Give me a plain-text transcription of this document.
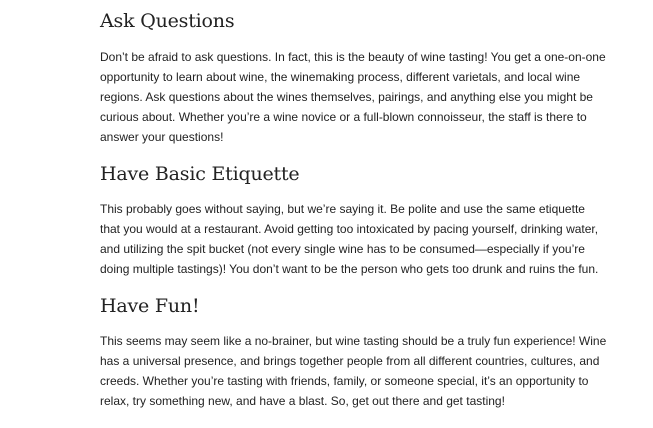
Ask Questions

Don’t be afraid to ask questions. In fact, this is the beauty of wine tasting! You get a one-on-one
opportunity to learn about wine, the winemaking process, different varietals, and local wine
regions. Ask questions about the wines themselves, pairings, and anything else you might be
curious about. Whether you’re a wine novice or a full-blown connoisseur, the staff is there to
answer your questions!

Have Basic Etiquette

This probably goes without saying, but we’re saying it. Be polite and use the same etiquette
that you would at a restaurant. Avoid getting too intoxicated by pacing yourself, drinking water,
and utilizing the spit bucket (not every single wine has to be consumed—especially if you’re
doing multiple tastings)! You don’t want to be the person who gets too drunk and ruins the fun.

Have Fun!

This seems may seem like a no-brainer, but wine tasting should be a truly fun experience! Wine
has a universal presence, and brings together people from all different countries, cultures, and
creeds. Whether you’re tasting with friends, family, or someone special, it’s an opportunity to
relax, try something new, and have a blast. So, get out there and get tasting!
